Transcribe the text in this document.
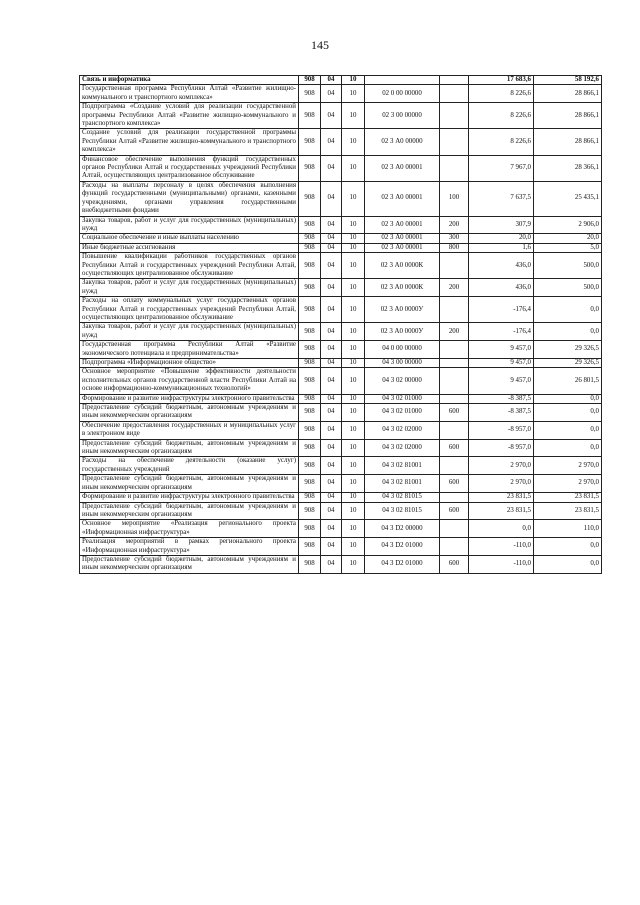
145
Связь и информатика	908	04	10			17 683,6	58 192,6
Государственная программа Республики Алтай «Развитие жилищно-коммунального и транспортного комплекса»	908	04	10	02 0 00 00000		8 226,6	28 866,1
Подпрограмма «Создание условий для реализации государственной программы Республики Алтай «Развитие жилищно-коммунального и транспортного комплекса»	908	04	10	02 3 00 00000		8 226,6	28 866,1
Создание условий для реализации государственной программы Республики Алтай «Развитие жилищно-коммунального и транспортного комплекса»	908	04	10	02 3 А0 00000		8 226,6	28 866,1
Финансовое обеспечение выполнения функций государственных органов Республики Алтай и государственных учреждений Республики Алтай, осуществляющих централизованное обслуживание	908	04	10	02 3 А0 00001		7 967,0	28 366,1
Расходы на выплаты персоналу в целях обеспечения выполнения функций государственными (муниципальными) органами, казенными учреждениями, органами управления государственными внебюджетными фондами	908	04	10	02 3 А0 00001	100	7 637,5	25 435,1
Закупка товаров, работ и услуг для государственных (муниципальных) нужд	908	04	10	02 3 А0 00001	200	307,9	2 906,0
Социальное обеспечение и иные выплаты населению	908	04	10	02 3 А0 00001	300	20,0	20,0
Иные бюджетные ассигнования	908	04	10	02 3 А0 00001	800	1,6	5,0
Повышение квалификации работников государственных органов Республики Алтай и государственных учреждений Республики Алтай, осуществляющих централизованное обслуживание	908	04	10	02 3 А0 0000К		436,0	500,0
Закупка товаров, работ и услуг для государственных (муниципальных) нужд	908	04	10	02 3 А0 0000К	200	436,0	500,0
Расходы на оплату коммунальных услуг государственных органов Республики Алтай и государственных учреждений Республики Алтай, осуществляющих централизованное обслуживание	908	04	10	02 3 А0 0000У		-176,4	0,0
Закупка товаров, работ и услуг для государственных (муниципальных) нужд	908	04	10	02 3 А0 0000У	200	-176,4	0,0
Государственная программа Республики Алтай «Развитие экономического потенциала и предпринимательства»	908	04	10	04 0 00 00000		9 457,0	29 326,5
Подпрограмма «Информационное общество»	908	04	10	04 3 00 00000		9 457,0	29 326,5
Основное мероприятие «Повышение эффективности деятельности исполнительных органов государственной власти Республики Алтай на основе информационно-коммуникационных технологий»	908	04	10	04 3 02 00000		9 457,0	26 801,5
Формирование и развитие инфраструктуры электронного правительства	908	04	10	04 3 02 01000		-8 387,5	0,0
Предоставление субсидий бюджетным, автономным учреждениям и иным некоммерческим организациям	908	04	10	04 3 02 01000	600	-8 387,5	0,0
Обеспечение предоставления государственных и муниципальных услуг в электронном виде	908	04	10	04 3 02 02000		-8 957,0	0,0
Предоставление субсидий бюджетным, автономным учреждениям и иным некоммерческим организациям	908	04	10	04 3 02 02000	600	-8 957,0	0,0
Расходы на обеспечение деятельности (оказание услуг) государственных учреждений	908	04	10	04 3 02 81001		2 970,0	2 970,0
Предоставление субсидий бюджетным, автономным учреждениям и иным некоммерческим организациям	908	04	10	04 3 02 81001	600	2 970,0	2 970,0
Формирование и развитие инфраструктуры электронного правительства	908	04	10	04 3 02 81015		23 831,5	23 831,5
Предоставление субсидий бюджетным, автономным учреждениям и иным некоммерческим организациям	908	04	10	04 3 02 81015	600	23 831,5	23 831,5
Основное мероприятие «Реализация регионального проекта «Информационная инфраструктура»	908	04	10	04 3 D2 00000		0,0	110,0
Реализация мероприятий в рамках регионального проекта «Информационная инфраструктура»	908	04	10	04 3 D2 01000		-110,0	0,0
Предоставление субсидий бюджетным, автономным учреждениям и иным некоммерческим организациям	908	04	10	04 3 D2 01000	600	-110,0	0,0
